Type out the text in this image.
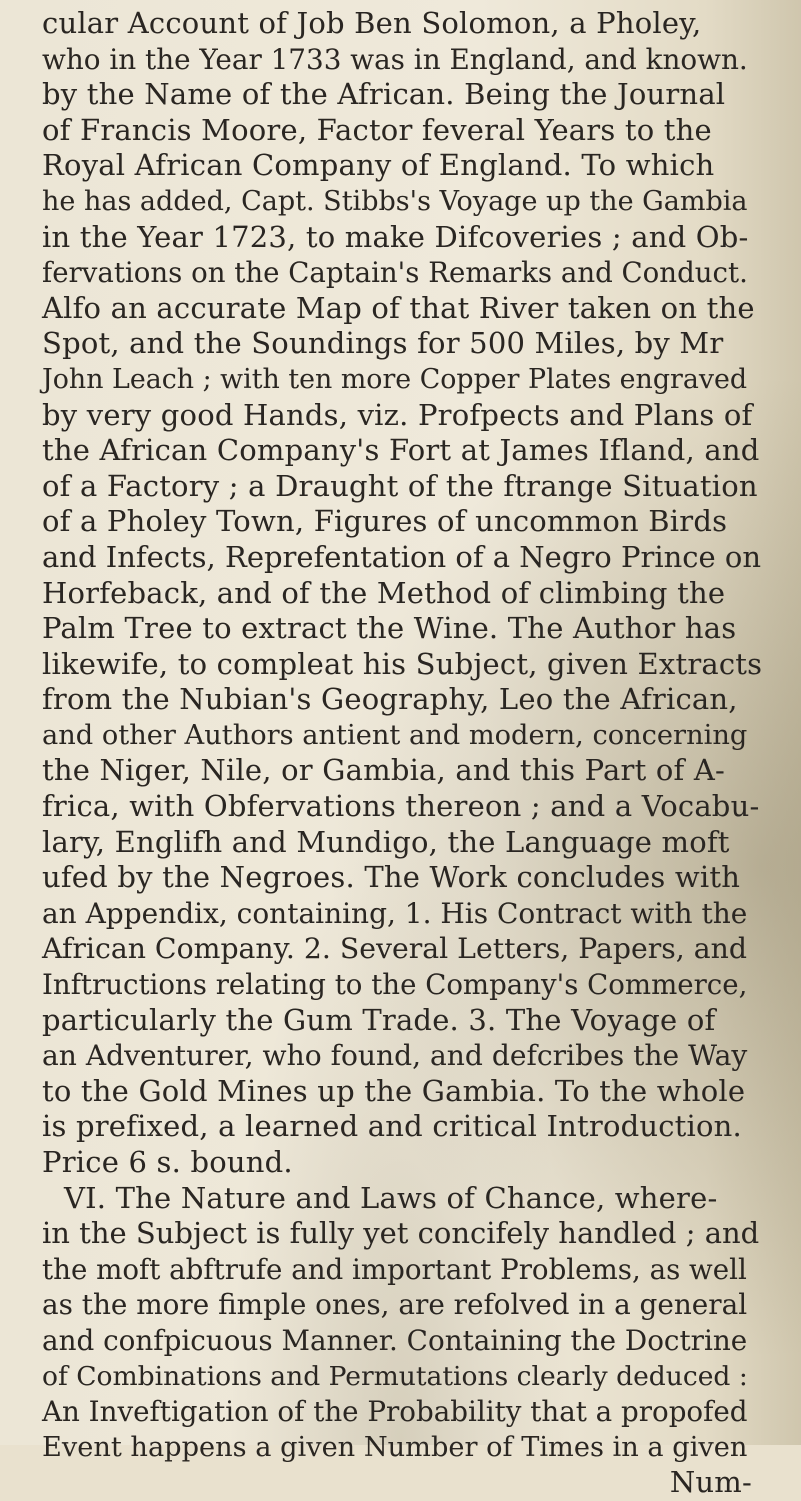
cular Account of Job Ben Solomon, a Pholey,
who in the Year 1733 was in England, and known.
by the Name of the African. Being the Journal
of Francis Moore, Factor feveral Years to the
Royal African Company of England. To which
he has added, Capt. Stibbs's Voyage up the Gambia
in the Year 1723, to make Difcoveries ; and Ob-
fervations on the Captain's Remarks and Conduct.
Alfo an accurate Map of that River taken on the
Spot, and the Soundings for 500 Miles, by Mr
John Leach ; with ten more Copper Plates engraved
by very good Hands, viz. Profpects and Plans of
the African Company's Fort at James Ifland, and
of a Factory ; a Draught of the ftrange Situation
of a Pholey Town, Figures of uncommon Birds
and Infects, Reprefentation of a Negro Prince on
Horfeback, and of the Method of climbing the
Palm Tree to extract the Wine. The Author has
likewife, to compleat his Subject, given Extracts
from the Nubian's Geography, Leo the African,
and other Authors antient and modern, concerning
the Niger, Nile, or Gambia, and this Part of A-
frica, with Obfervations thereon ; and a Vocabu-
lary, Englifh and Mundigo, the Language moft
ufed by the Negroes. The Work concludes with
an Appendix, containing, 1. His Contract with the
African Company. 2. Several Letters, Papers, and
Inftructions relating to the Company's Commerce,
particularly the Gum Trade. 3. The Voyage of
an Adventurer, who found, and defcribes the Way
to the Gold Mines up the Gambia. To the whole
is prefixed, a learned and critical Introduction.
Price 6 s. bound.
VI. The Nature and Laws of Chance, where-
in the Subject is fully yet concifely handled ; and
the moft abftrufe and important Problems, as well
as the more fimple ones, are refolved in a general
and confpicuous Manner. Containing the Doctrine
of Combinations and Permutations clearly deduced :
An Inveftigation of the Probability that a propofed
Event happens a given Number of Times in a given
Num-
